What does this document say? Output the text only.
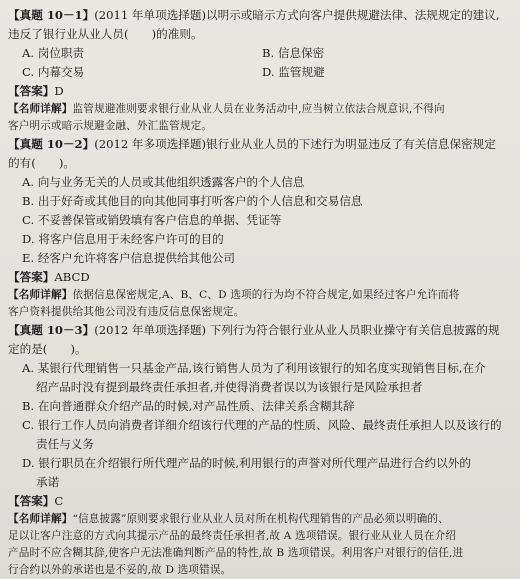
【真题 10－1】(2011 年单项选择题)以明示或暗示方式向客户提供规避法律、法规规定的建议,

违反了银行业从业人员(　　)的准则。

A. 岗位职责	B. 信息保密
C. 内幕交易	D. 监管规避

【答案】D

【名师详解】监管规避准则要求银行业从业人员在业务活动中,应当树立依法合规意识,不得向

客户明示或暗示规避金融、外汇监管规定。

【真题 10－2】(2012 年多项选择题)银行业从业人员的下述行为明显违反了有关信息保密规定

的有(　　)。

A. 向与业务无关的人员或其他组织透露客户的个人信息

B. 出于好奇或其他目的向其他同事打听客户的个人信息和交易信息

C. 不妥善保管或销毁填有客户信息的单据、凭证等

D. 将客户信息用于未经客户许可的目的

E. 经客户允许将客户信息提供给其他公司

【答案】ABCD

【名师详解】依据信息保密规定,A、B、C、D 选项的行为均不符合规定,如果经过客户允许而将

客户资料提供给其他公司没有违反信息保密规定。

【真题 10－3】(2012 年单项选择题) 下列行为符合银行业从业人员职业操守有关信息披露的规

定的是(　　)。

A. 某银行代理销售一只基金产品,该行销售人员为了利用该银行的知名度实现销售目标,在介

绍产品时没有提到最终责任承担者,并使得消费者误以为该银行是风险承担者

B. 在向普通群众介绍产品的时候,对产品性质、法律关系含糊其辞

C. 银行工作人员向消费者详细介绍该行代理的产品的性质、风险、最终责任承担人以及该行的

责任与义务

D. 银行职员在介绍银行所代理产品的时候,利用银行的声誉对所代理产品进行合约以外的

承诺

【答案】C

【名师详解】“信息披露”原则要求银行业从业人员对所在机构代理销售的产品必须以明确的、

足以让客户注意的方式向其提示产品的最终责任承担者,故 A 选项错误。银行业从业人员在介绍

产品时不应含糊其辞,使客户无法准确判断产品的特性,故 B 选项错误。利用客户对银行的信任,进

行合约以外的承诺也是不妥的,故 D 选项错误。
